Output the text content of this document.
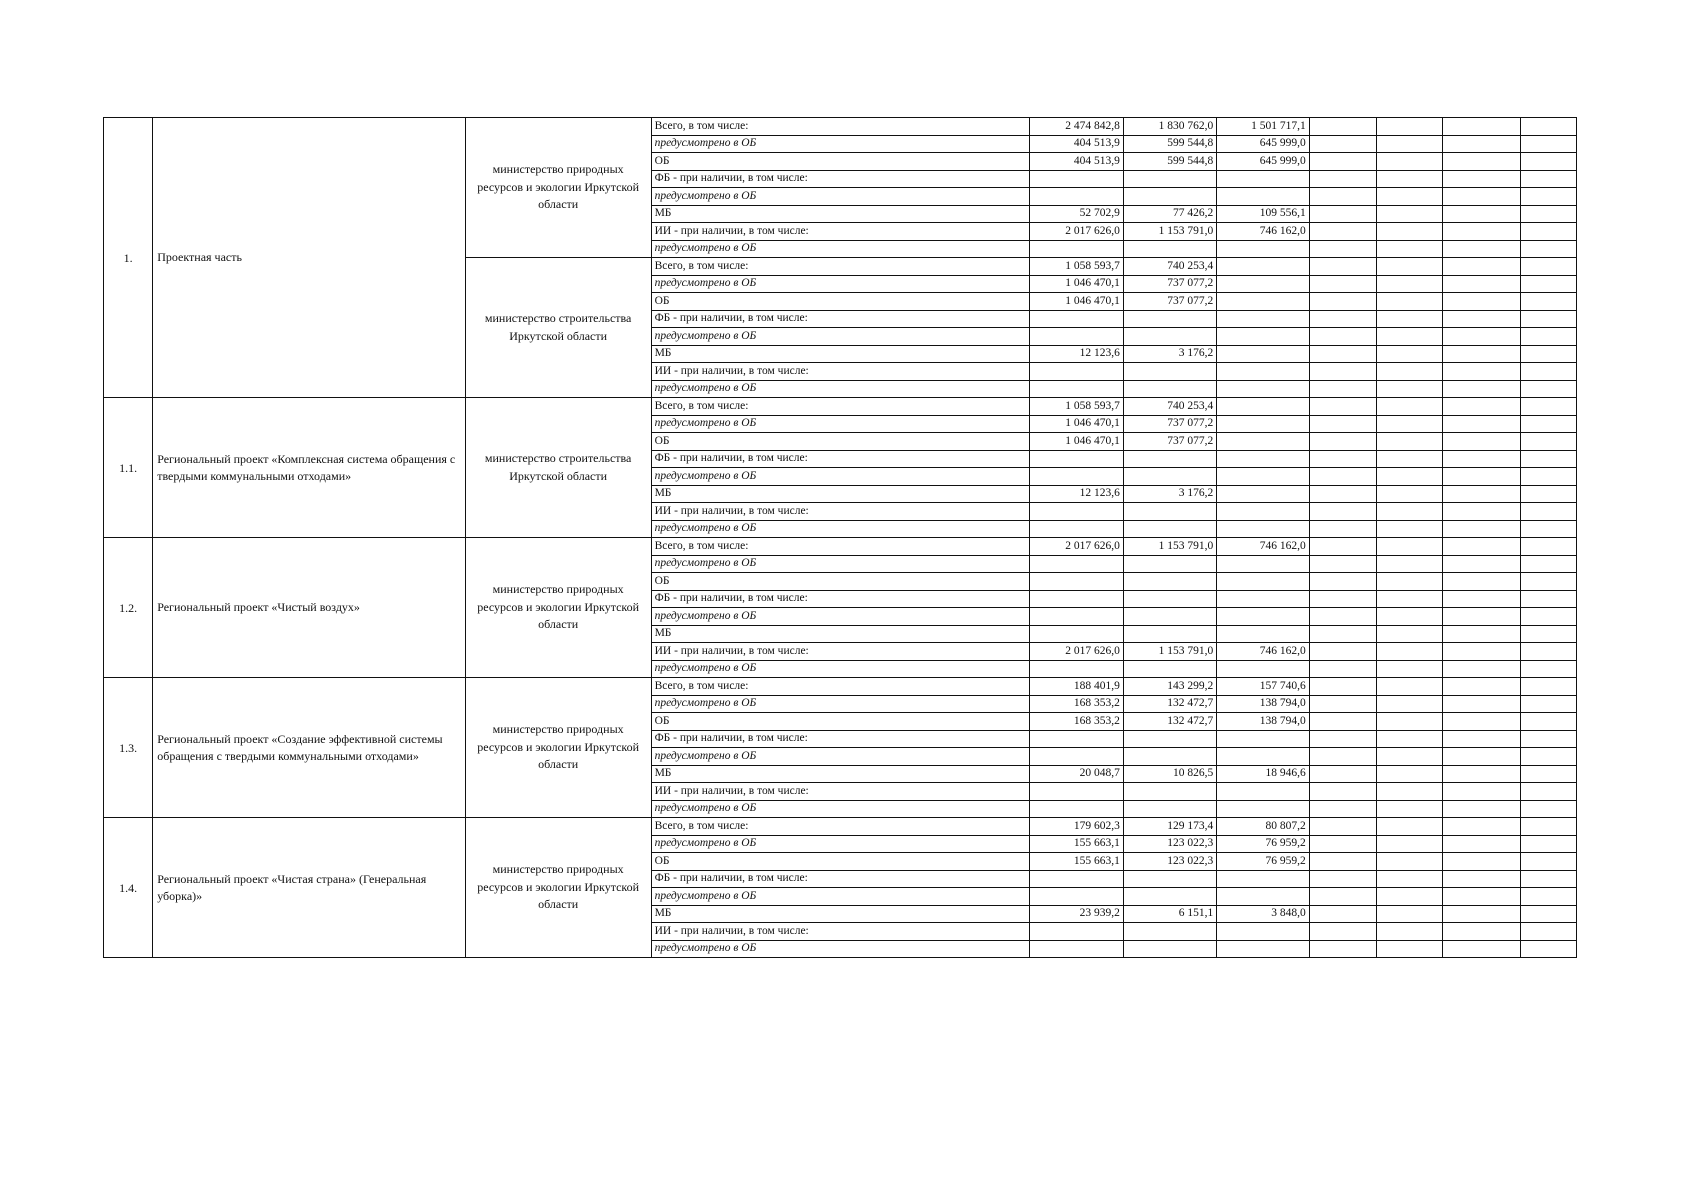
1.	Проектная часть	министерство природных ресурсов и экологии Иркутской области	Всего, в том числе:	2 474 842,8	1 830 762,0	1 501 717,1				
			предусмотрено в ОБ	404 513,9	599 544,8	645 999,0				
			ОБ	404 513,9	599 544,8	645 999,0				
			ФБ - при наличии, в том числе:							
			предусмотрено в ОБ							
			МБ	52 702,9	77 426,2	109 556,1				
			ИИ - при наличии, в том числе:	2 017 626,0	1 153 791,0	746 162,0				
			предусмотрено в ОБ							
		министерство строительства Иркутской области	Всего, в том числе:	1 058 593,7	740 253,4					
			предусмотрено в ОБ	1 046 470,1	737 077,2					
			ОБ	1 046 470,1	737 077,2					
			ФБ - при наличии, в том числе:							
			предусмотрено в ОБ							
			МБ	12 123,6	3 176,2					
			ИИ - при наличии, в том числе:							
			предусмотрено в ОБ							
1.1.	Региональный проект «Комплексная система обращения с твердыми коммунальными отходами»	министерство строительства Иркутской области	Всего, в том числе:	1 058 593,7	740 253,4					
			предусмотрено в ОБ	1 046 470,1	737 077,2					
			ОБ	1 046 470,1	737 077,2					
			ФБ - при наличии, в том числе:							
			предусмотрено в ОБ							
			МБ	12 123,6	3 176,2					
			ИИ - при наличии, в том числе:							
			предусмотрено в ОБ							
1.2.	Региональный проект «Чистый воздух»	министерство природных ресурсов и экологии Иркутской области	Всего, в том числе:	2 017 626,0	1 153 791,0	746 162,0				
			предусмотрено в ОБ							
			ОБ							
			ФБ - при наличии, в том числе:							
			предусмотрено в ОБ							
			МБ							
			ИИ - при наличии, в том числе:	2 017 626,0	1 153 791,0	746 162,0				
			предусмотрено в ОБ							
1.3.	Региональный проект «Создание эффективной системы обращения с твердыми коммунальными отходами»	министерство природных ресурсов и экологии Иркутской области	Всего, в том числе:	188 401,9	143 299,2	157 740,6				
			предусмотрено в ОБ	168 353,2	132 472,7	138 794,0				
			ОБ	168 353,2	132 472,7	138 794,0				
			ФБ - при наличии, в том числе:							
			предусмотрено в ОБ							
			МБ	20 048,7	10 826,5	18 946,6				
			ИИ - при наличии, в том числе:							
			предусмотрено в ОБ							
1.4.	Региональный проект «Чистая страна» (Генеральная уборка)»	министерство природных ресурсов и экологии Иркутской области	Всего, в том числе:	179 602,3	129 173,4	80 807,2				
			предусмотрено в ОБ	155 663,1	123 022,3	76 959,2				
			ОБ	155 663,1	123 022,3	76 959,2				
			ФБ - при наличии, в том числе:							
			предусмотрено в ОБ							
			МБ	23 939,2	6 151,1	3 848,0				
			ИИ - при наличии, в том числе:							
			предусмотрено в ОБ							
